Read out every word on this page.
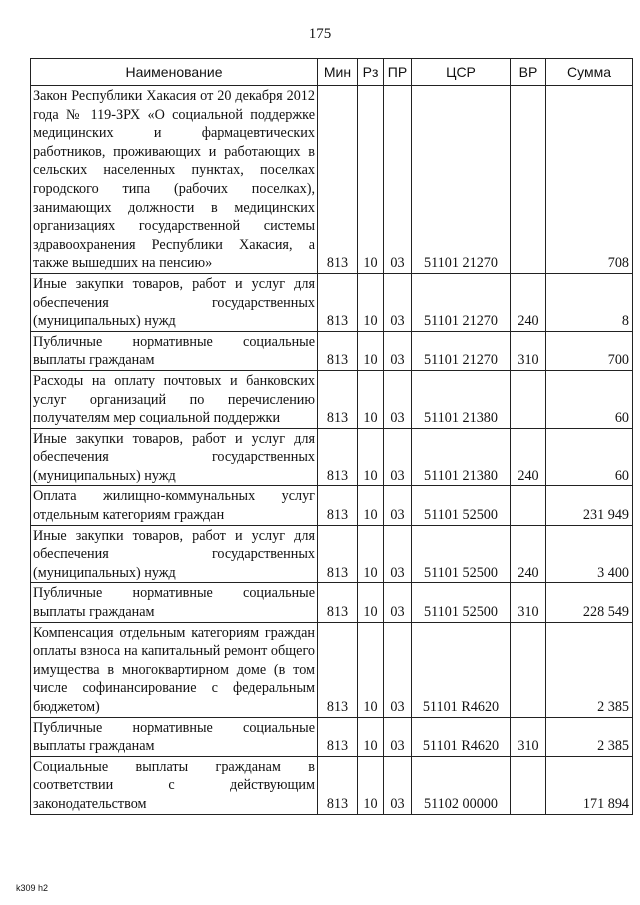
175
Наименование	Мин	Рз	ПР	ЦСР	ВР	Сумма
Закон Республики Хакасия от 20 декабря 2012 года № 119-ЗРХ «О социальной поддержке медицинских и фармацевтических работников, проживающих и работающих в сельских населенных пунктах, поселках городского типа (рабочих поселках), занимающих должности в медицинских организациях государственной системы здравоохранения Республики Хакасия, а также вышедших на пенсию»	813	10	03	51101 21270		708
Иные закупки товаров, работ и услуг для обеспечения государственных (муниципальных) нужд	813	10	03	51101 21270	240	8
Публичные нормативные социальные выплаты гражданам	813	10	03	51101 21270	310	700
Расходы на оплату почтовых и банковских услуг организаций по перечислению получателям мер социальной поддержки	813	10	03	51101 21380		60
Иные закупки товаров, работ и услуг для обеспечения государственных (муниципальных) нужд	813	10	03	51101 21380	240	60
Оплата жилищно-коммунальных услуг отдельным категориям граждан	813	10	03	51101 52500		231 949
Иные закупки товаров, работ и услуг для обеспечения государственных (муниципальных) нужд	813	10	03	51101 52500	240	3 400
Публичные нормативные социальные выплаты гражданам	813	10	03	51101 52500	310	228 549
Компенсация отдельным категориям граждан оплаты взноса на капитальный ремонт общего имущества в многоквартирном доме (в том числе софинансирование с федеральным бюджетом)	813	10	03	51101 R4620		2 385
Публичные нормативные социальные выплаты гражданам	813	10	03	51101 R4620	310	2 385
Социальные выплаты гражданам в соответствии с действующим законодательством	813	10	03	51102 00000		171 894
k309 h2
